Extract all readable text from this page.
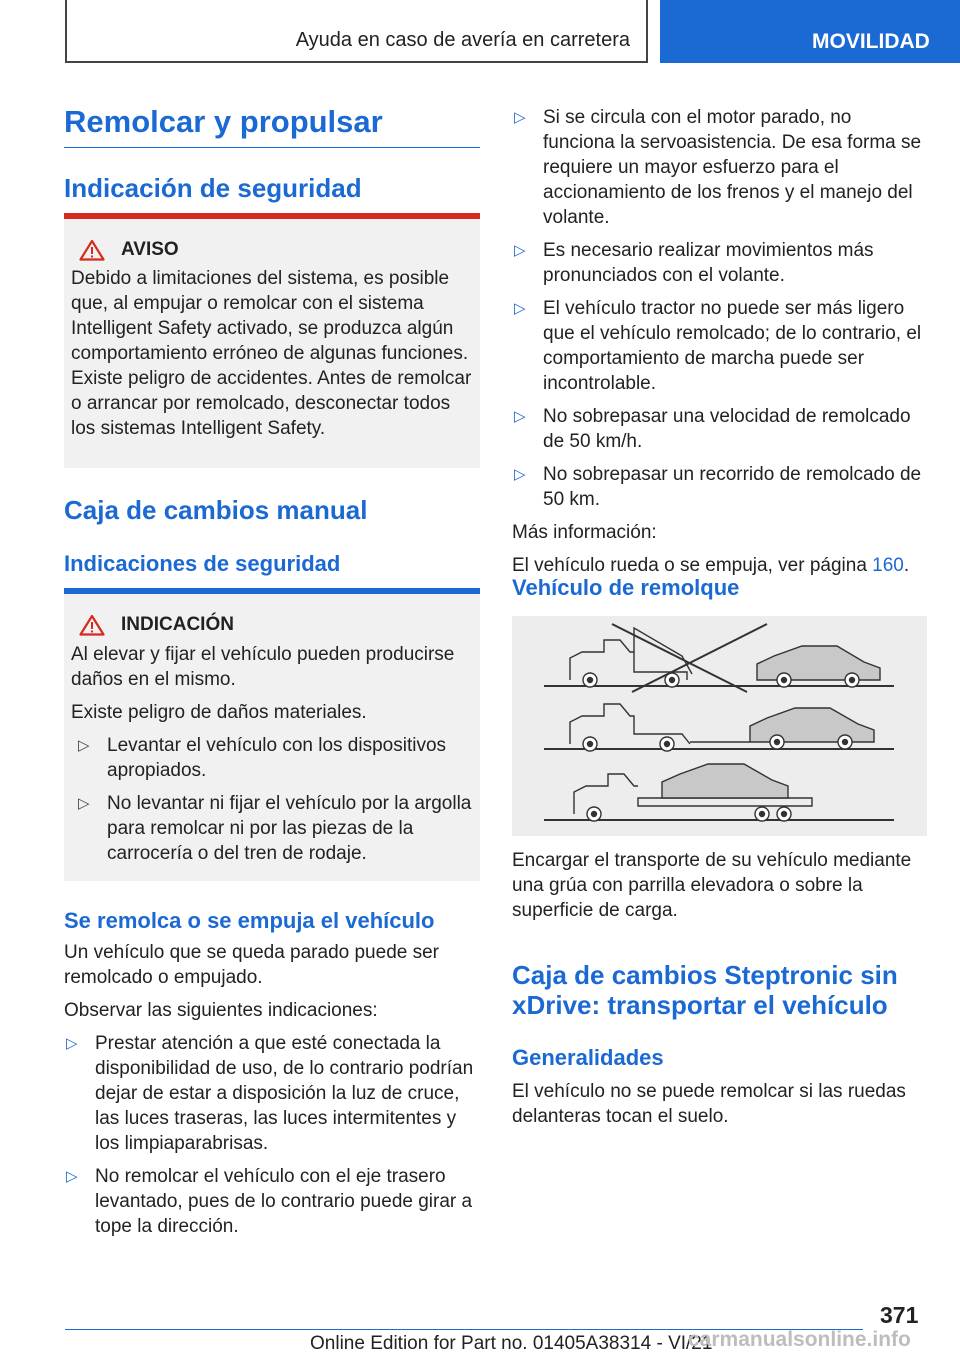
Ayuda en caso de avería en carretera	MOVILIDAD
Remolcar y propulsar
Indicación de seguridad
AVISO

Debido a limitaciones del sistema, es posible que, al empujar o remolcar con el sistema Intelligent Safety activado, se produzca algún comportamiento erróneo de algunas funciones. Existe peligro de accidentes. Antes de remolcar o arrancar por remolcado, desconectar todos los sistemas Intelligent Safety.

Caja de cambios manual
Indicaciones de seguridad
INDICACIÓN

Al elevar y fijar el vehículo pueden producirse daños en el mismo.

Existe peligro de daños materiales.

▷ Levantar el vehículo con los dispositivos apropiados.

▷ No levantar ni fijar el vehículo por la argolla para remolcar ni por las piezas de la carrocería o del tren de rodaje.

Se remolca o se empuja el vehículo

Un vehículo que se queda parado puede ser remolcado o empujado.

Observar las siguientes indicaciones:

▷ Prestar atención a que esté conectada la disponibilidad de uso, de lo contrario podrían dejar de estar a disposición la luz de cruce, las luces traseras, las luces intermitentes y los limpiaparabrisas.

▷ No remolcar el vehículo con el eje trasero levantado, pues de lo contrario puede girar a tope la dirección.

▷ Si se circula con el motor parado, no funciona la servoasistencia. De esa forma se requiere un mayor esfuerzo para el accionamiento de los frenos y el manejo del volante.

▷ Es necesario realizar movimientos más pronunciados con el volante.

▷ El vehículo tractor no puede ser más ligero que el vehículo remolcado; de lo contrario, el comportamiento de marcha puede ser incontrolable.

▷ No sobrepasar una velocidad de remolcado de 50 km/h.

▷ No sobrepasar un recorrido de remolcado de 50 km.

Más información:

El vehículo rueda o se empuja, ver página 160.

Vehículo de remolque

Encargar el transporte de su vehículo mediante una grúa con parrilla elevadora o sobre la superficie de carga.

Caja de cambios Steptronic sin xDrive: transportar el vehículo
Generalidades

El vehículo no se puede remolcar si las ruedas delanteras tocan el suelo.

371
Online Edition for Part no. 01405A38314 - VI/21
carmanualsonline.info
